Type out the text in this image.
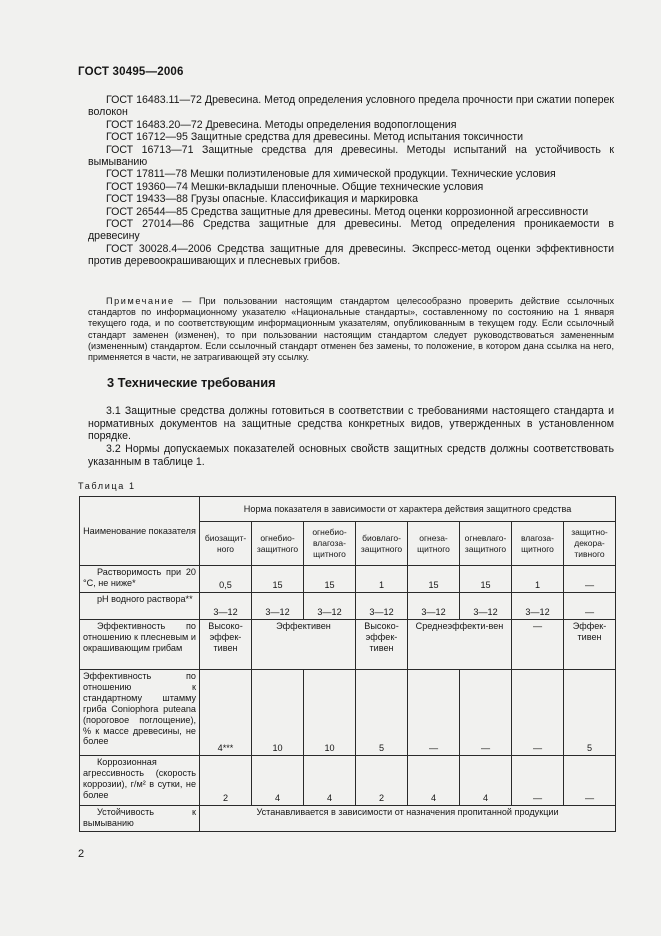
ГОСТ 30495—2006

ГОСТ 16483.11—72 Древесина. Метод определения условного предела прочности при сжатии поперек волокон

ГОСТ 16483.20—72 Древесина. Методы определения водопоглощения

ГОСТ 16712—95 Защитные средства для древесины. Метод испытания токсичности

ГОСТ 16713—71 Защитные средства для древесины. Методы испытаний на устойчивость к вымыванию

ГОСТ 17811—78 Мешки полиэтиленовые для химической продукции. Технические условия

ГОСТ 19360—74 Мешки-вкладыши пленочные. Общие технические условия

ГОСТ 19433—88 Грузы опасные. Классификация и маркировка

ГОСТ 26544—85 Средства защитные для древесины. Метод оценки коррозионной агрессивности

ГОСТ 27014—86 Средства защитные для древесины. Метод определения проникаемости в древесину

ГОСТ 30028.4—2006 Средства защитные для древесины. Экспресс-метод оценки эффективности против деревоокрашивающих и плесневых грибов.

Примечание — При пользовании настоящим стандартом целесообразно проверить действие ссылочных стандартов по информационному указателю «Национальные стандарты», составленному по состоянию на 1 января текущего года, и по соответствующим информационным указателям, опубликованным в текущем году. Если ссылочный стандарт заменен (изменен), то при пользовании настоящим стандартом следует руководствоваться замененным (измененным) стандартом. Если ссылочный стандарт отменен без замены, то положение, в котором дана ссылка на него, применяется в части, не затрагивающей эту ссылку.

3 Технические требования

3.1 Защитные средства должны готовиться в соответствии с требованиями настоящего стандарта и нормативных документов на защитные средства конкретных видов, утвержденных в установленном порядке.

3.2 Нормы допускаемых показателей основных свойств защитных средств должны соответствовать указанным в таблице 1.

Таблица 1
Наименование показателя	Норма показателя в зависимости от характера действия защитного средства							
	биозащит-ного	огнебио-защитного	огнебио-влагоза-щитного	биовлаго-защитного	огнеза-щитного	огневлаго-защитного	влагоза-щитного	защитно-декора-тивного
Растворимость при 20 °С, не ниже*	0,5	15	15	1	15	15	1	—
рН водного раствора**	3—12	3—12	3—12	3—12	3—12	3—12	3—12	—
Эффективность по отношению к плесневым и окрашивающим грибам	Высоко-эффек-тивен	Эффективен		Высоко-эффек-тивен	Среднеэффекти-вен		—	Эффек-тивен
Эффективность по отношению к стандартному штамму гриба Coniophora puteana (пороговое поглощение), % к массе древесины, не более	4***	10	10	5	—	—	—	5
Коррозионная агрессивность (скорость коррозии), г/м² в сутки, не более	2	4	4	2	4	4	—	—
Устойчивость к вымыванию	Устанавливается в зависимости от назначения пропитанной продукции							
2
